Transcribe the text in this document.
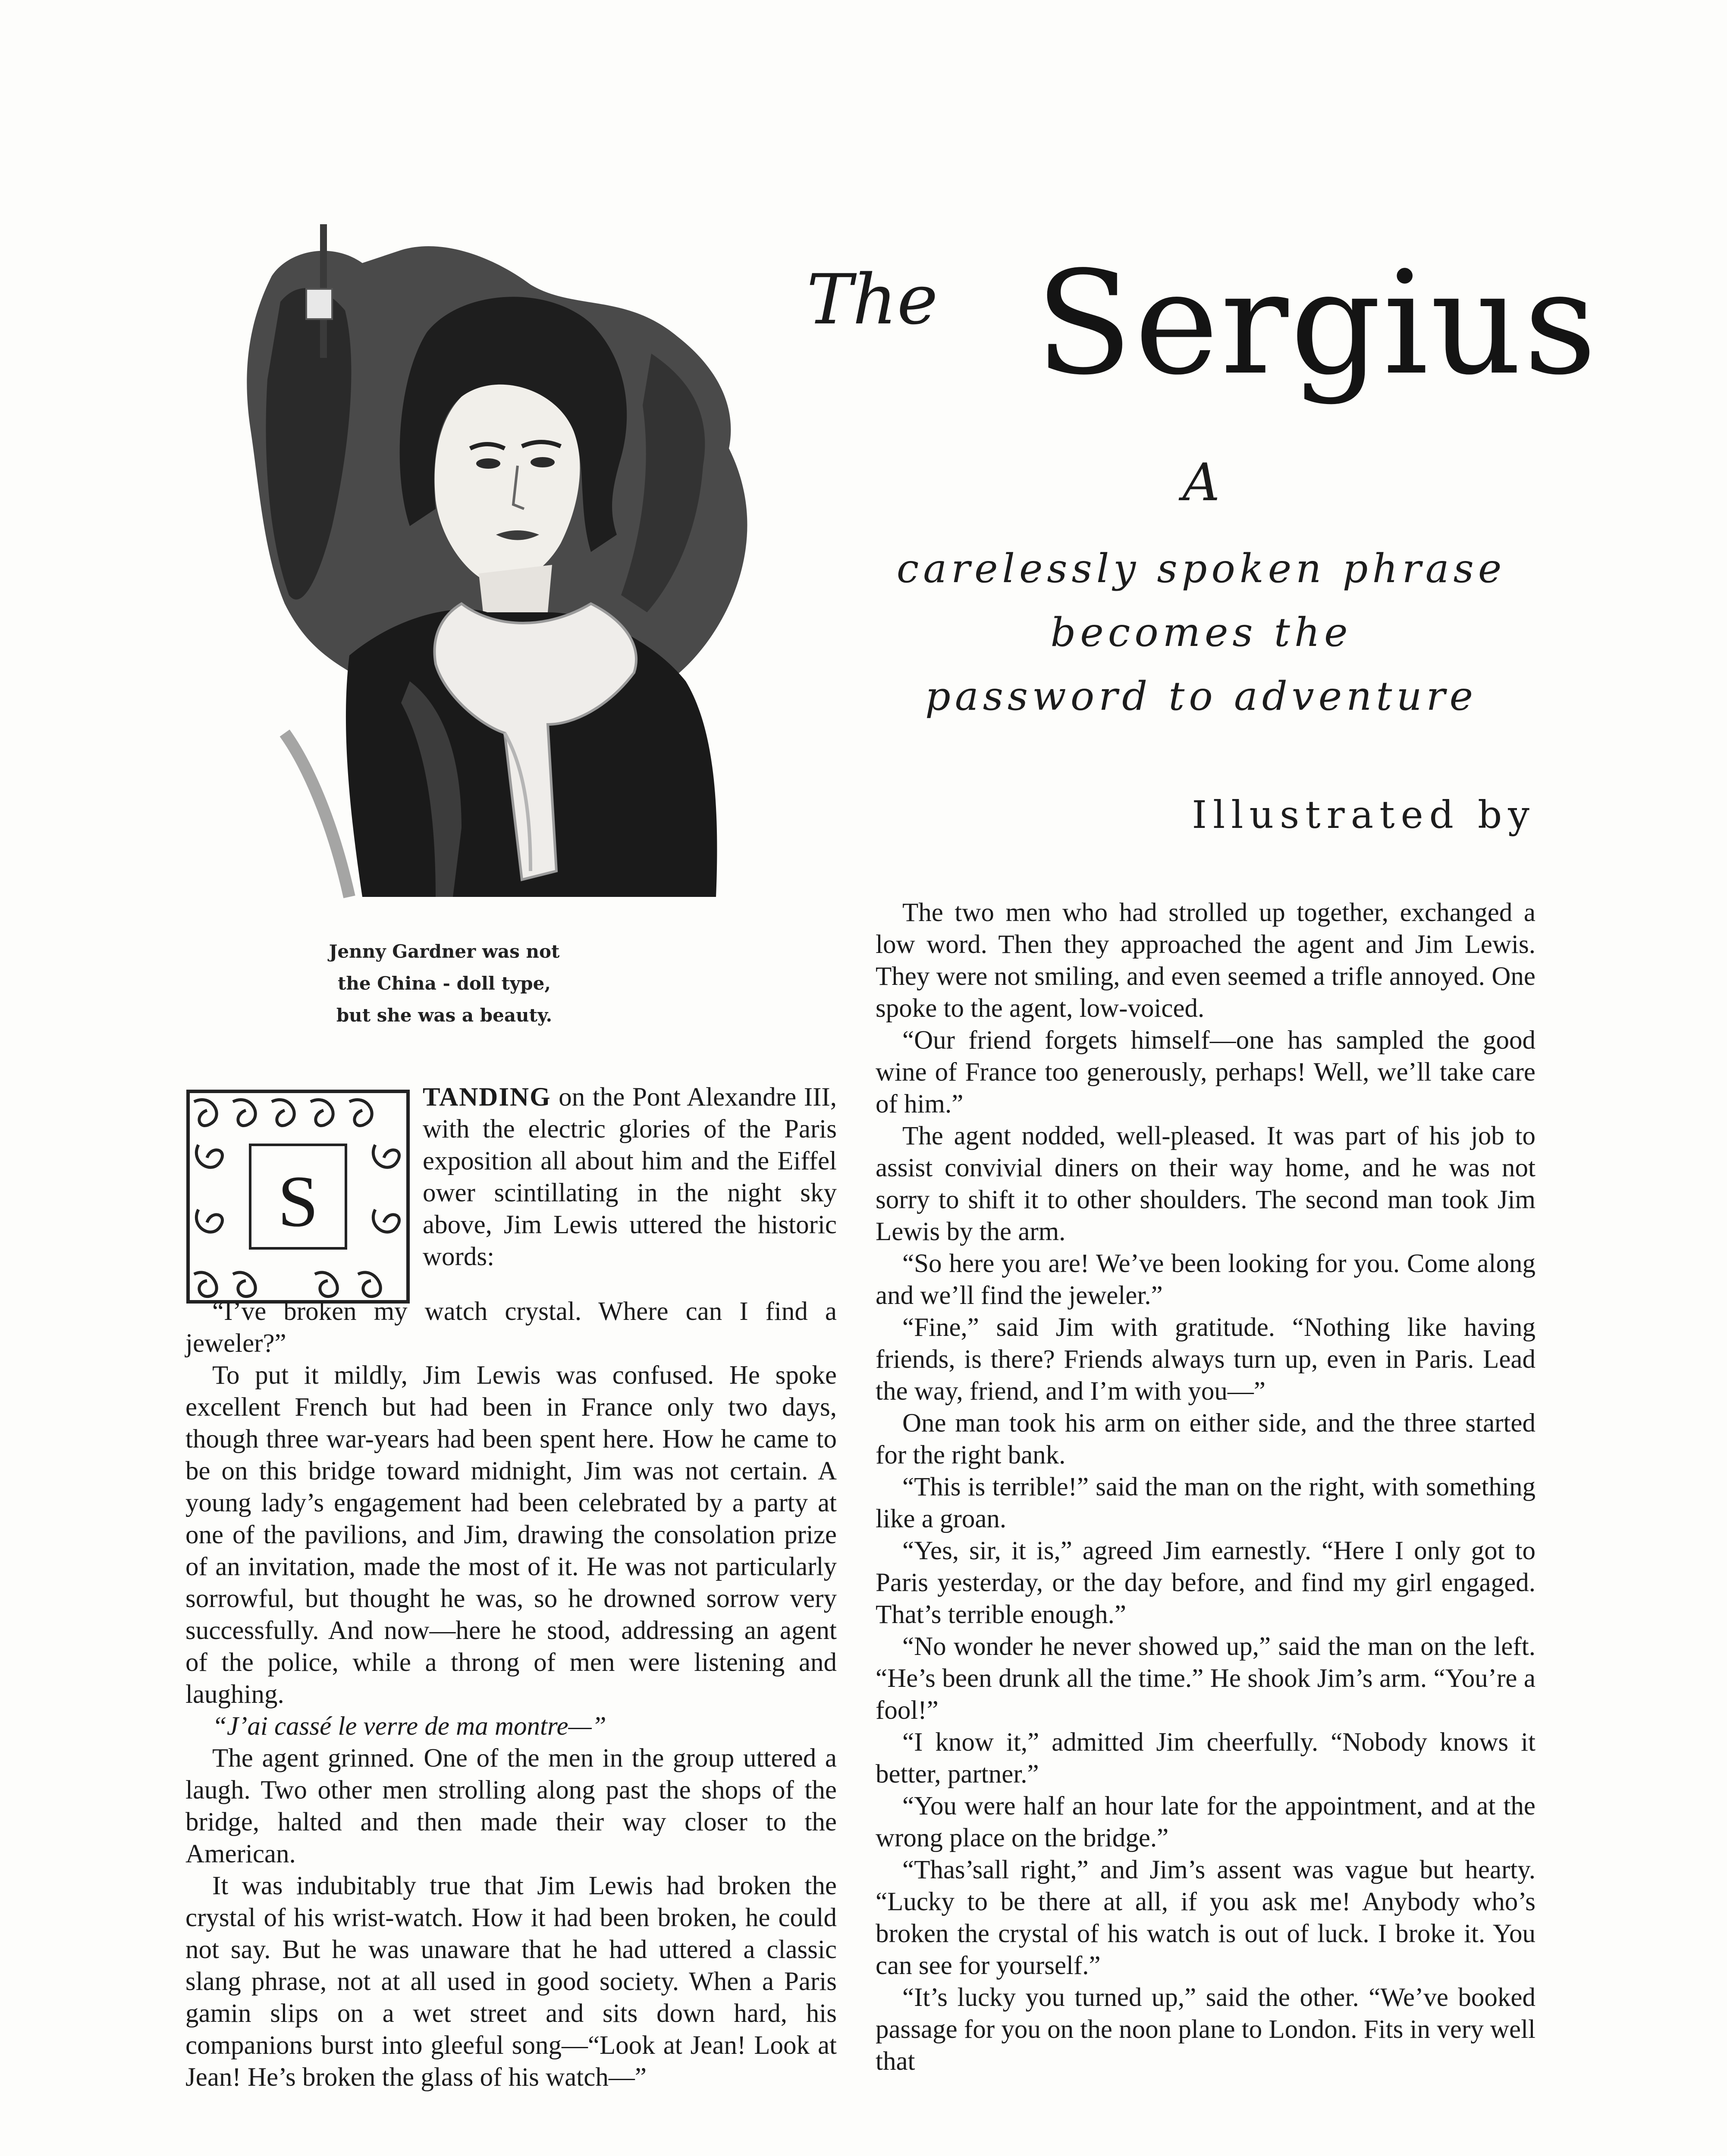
Jenny Gardner was not
the China - doll type,
but she was a beauty.
The Sergius
A
carelessly spoken phrase
becomes the
password to adventure
Illustrated by
S
TANDING on the Pont Alexandre III, with the electric glories of the Paris exposition all about him and the Eiffel ower scintillating in the night sky above, Jim Lewis uttered the historic words:

“I’ve broken my watch crystal. Where can I find a jeweler?”

To put it mildly, Jim Lewis was confused. He spoke excellent French but had been in France only two days, though three war-years had been spent here. How he came to be on this bridge toward midnight, Jim was not certain. A young lady’s engagement had been celebrated by a party at one of the pavilions, and Jim, drawing the consolation prize of an invitation, made the most of it. He was not particularly sorrowful, but thought he was, so he drowned sorrow very successfully. And now—here he stood, addressing an agent of the police, while a throng of men were listening and laughing.

“J’ai cassé le verre de ma montre—”

The agent grinned. One of the men in the group uttered a laugh. Two other men strolling along past the shops of the bridge, halted and then made their way closer to the American.

It was indubitably true that Jim Lewis had broken the crystal of his wrist-watch. How it had been broken, he could not say. But he was unaware that he had uttered a classic slang phrase, not at all used in good society. When a Paris gamin slips on a wet street and sits down hard, his companions burst into gleeful song—“Look at Jean! Look at Jean! He’s broken the glass of his watch—”

The two men who had strolled up together, exchanged a low word. Then they approached the agent and Jim Lewis. They were not smiling, and even seemed a trifle annoyed. One spoke to the agent, low-voiced.

“Our friend forgets himself—one has sampled the good wine of France too generously, perhaps! Well, we’ll take care of him.”

The agent nodded, well-pleased. It was part of his job to assist convivial diners on their way home, and he was not sorry to shift it to other shoulders. The second man took Jim Lewis by the arm.

“So here you are! We’ve been looking for you. Come along and we’ll find the jeweler.”

“Fine,” said Jim with gratitude. “Nothing like having friends, is there? Friends always turn up, even in Paris. Lead the way, friend, and I’m with you—”

One man took his arm on either side, and the three started for the right bank.

“This is terrible!” said the man on the right, with something like a groan.

“Yes, sir, it is,” agreed Jim earnestly. “Here I only got to Paris yesterday, or the day before, and find my girl engaged. That’s terrible enough.”

“No wonder he never showed up,” said the man on the left. “He’s been drunk all the time.” He shook Jim’s arm. “You’re a fool!”

“I know it,” admitted Jim cheerfully. “Nobody knows it better, partner.”

“You were half an hour late for the appointment, and at the wrong place on the bridge.”

“Thas’sall right,” and Jim’s assent was vague but hearty. “Lucky to be there at all, if you ask me! Anybody who’s broken the crystal of his watch is out of luck. I broke it. You can see for yourself.”

“It’s lucky you turned up,” said the other. “We’ve booked passage for you on the noon plane to London. Fits in very well that
